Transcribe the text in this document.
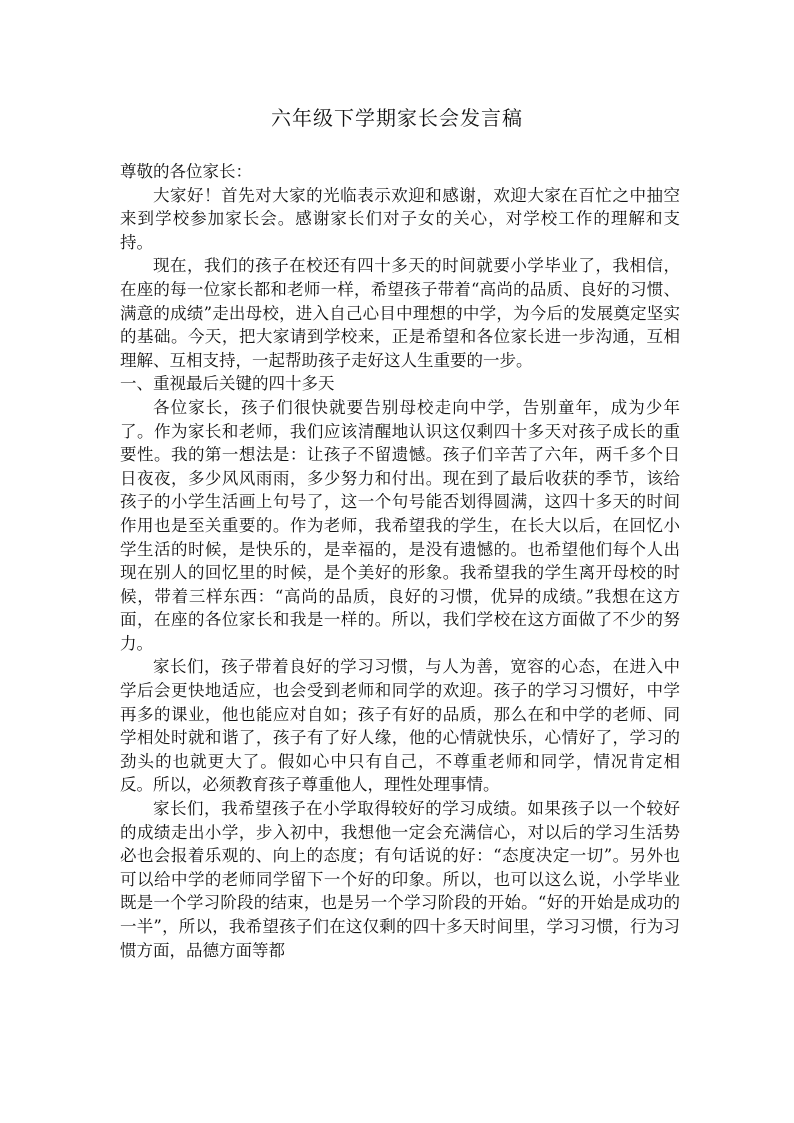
六年级下学期家长会发言稿

尊敬的各位家长：

大家好！首先对大家的光临表示欢迎和感谢，欢迎大家在百忙之中抽空来到学校参加家长会。感谢家长们对子女的关心，对学校工作的理解和支持。

现在，我们的孩子在校还有四十多天的时间就要小学毕业了，我相信，在座的每一位家长都和老师一样，希望孩子带着“高尚的品质、良好的习惯、满意的成绩”走出母校，进入自己心目中理想的中学，为今后的发展奠定坚实的基础。今天，把大家请到学校来，正是希望和各位家长进一步沟通，互相理解、互相支持，一起帮助孩子走好这人生重要的一步。

一、重视最后关键的四十多天

各位家长，孩子们很快就要告别母校走向中学，告别童年，成为少年了。作为家长和老师，我们应该清醒地认识这仅剩四十多天对孩子成长的重要性。我的第一想法是：让孩子不留遗憾。孩子们辛苦了六年，两千多个日日夜夜，多少风风雨雨，多少努力和付出。现在到了最后收获的季节，该给孩子的小学生活画上句号了，这一个句号能否划得圆满，这四十多天的时间作用也是至关重要的。作为老师，我希望我的学生，在长大以后，在回忆小学生活的时候，是快乐的，是幸福的，是没有遗憾的。也希望他们每个人出现在别人的回忆里的时候，是个美好的形象。我希望我的学生离开母校的时候，带着三样东西：“高尚的品质，良好的习惯，优异的成绩。”我想在这方面，在座的各位家长和我是一样的。所以，我们学校在这方面做了不少的努力。

家长们，孩子带着良好的学习习惯，与人为善，宽容的心态，在进入中学后会更快地适应，也会受到老师和同学的欢迎。孩子的学习习惯好，中学再多的课业，他也能应对自如；孩子有好的品质，那么在和中学的老师、同学相处时就和谐了，孩子有了好人缘，他的心情就快乐，心情好了，学习的劲头的也就更大了。假如心中只有自己，不尊重老师和同学，情况肯定相反。所以，必须教育孩子尊重他人，理性处理事情。

家长们，我希望孩子在小学取得较好的学习成绩。如果孩子以一个较好的成绩走出小学，步入初中，我想他一定会充满信心，对以后的学习生活势必也会报着乐观的、向上的态度；有句话说的好：“态度决定一切”。另外也可以给中学的老师同学留下一个好的印象。所以，也可以这么说，小学毕业既是一个学习阶段的结束，也是另一个学习阶段的开始。“好的开始是成功的一半”，所以，我希望孩子们在这仅剩的四十多天时间里，学习习惯，行为习惯方面，品德方面等都
